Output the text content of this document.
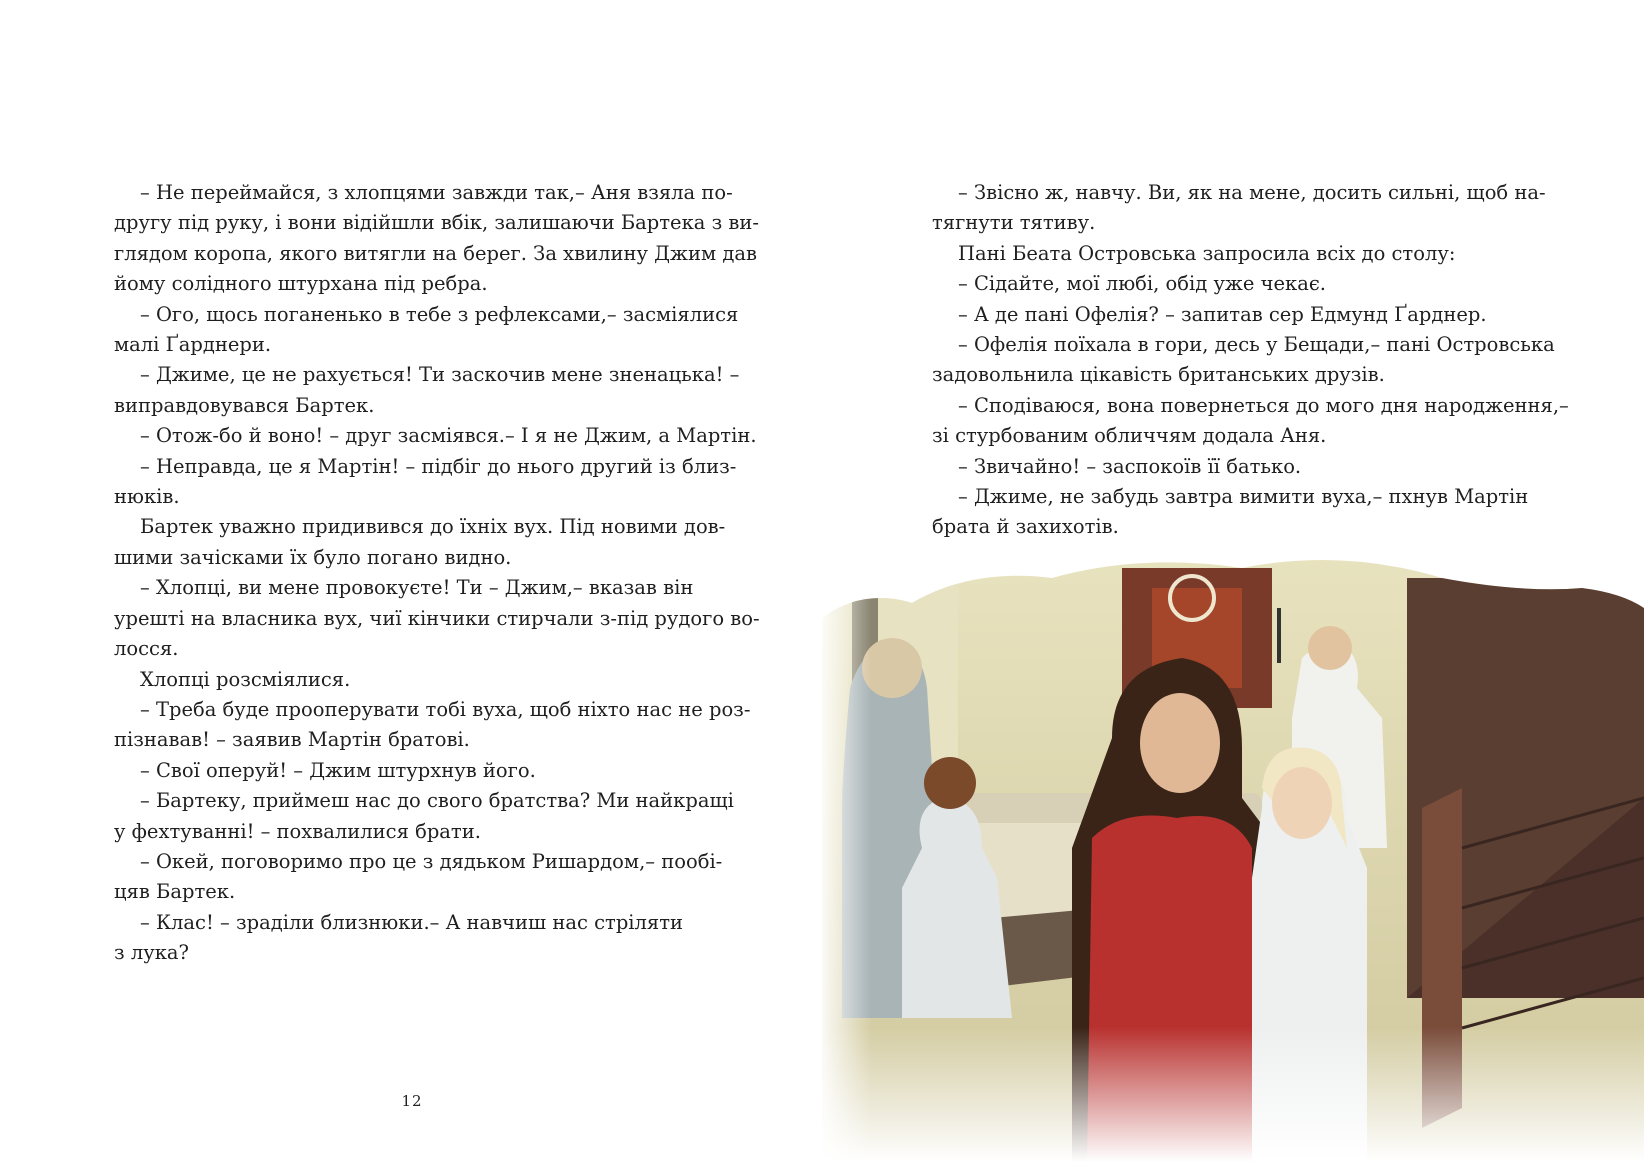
– Не переймайся, з хлопцями завжди так,– Аня взяла по-
другу під руку, і вони відійшли вбік, залишаючи Бартека з ви-
глядом коропа, якого витягли на берег. За хвилину Джим дав
йому солідного штурхана під ребра.

– Ого, щось поганенько в тебе з рефлексами,– засміялися
малі Ґарднери.

– Джиме, це не рахується! Ти заскочив мене зненацька! –
виправдовувався Бартек.

– Отож-бо й воно! – друг засміявся.– І я не Джим, а Мартін.

– Неправда, це я Мартін! – підбіг до нього другий із близ-
нюків.

Бартек уважно придивився до їхніх вух. Під новими дов-
шими зачісками їх було погано видно.

– Хлопці, ви мене провокуєте! Ти – Джим,– вказав він
урешті на власника вух, чиї кінчики стирчали з-під рудого во-
лосся.

Хлопці розсміялися.

– Треба буде прооперувати тобі вуха, щоб ніхто нас не роз-
пізнавав! – заявив Мартін братові.

– Свої оперуй! – Джим штурхнув його.

– Бартеку, приймеш нас до свого братства? Ми найкращі
у фехтуванні! – похвалилися брати.

– Окей, поговоримо про це з дядьком Ришардом,– пообі-
цяв Бартек.

– Клас! – зраділи близнюки.– А навчиш нас стріляти
з лука?

12

– Звісно ж, навчу. Ви, як на мене, досить сильні, щоб на-
тягнути тятиву.

Пані Беата Островська запросила всіх до столу:

– Сідайте, мої любі, обід уже чекає.

– А де пані Офелія? – запитав сер Едмунд Ґарднер.

– Офелія поїхала в гори, десь у Бещади,– пані Островська
задовольнила цікавість британських друзів.

– Сподіваюся, вона повернеться до мого дня народження,–
зі стурбованим обличчям додала Аня.

– Звичайно! – заспокоїв її батько.

– Джиме, не забудь завтра вимити вуха,– пхнув Мартін
брата й захихотів.
